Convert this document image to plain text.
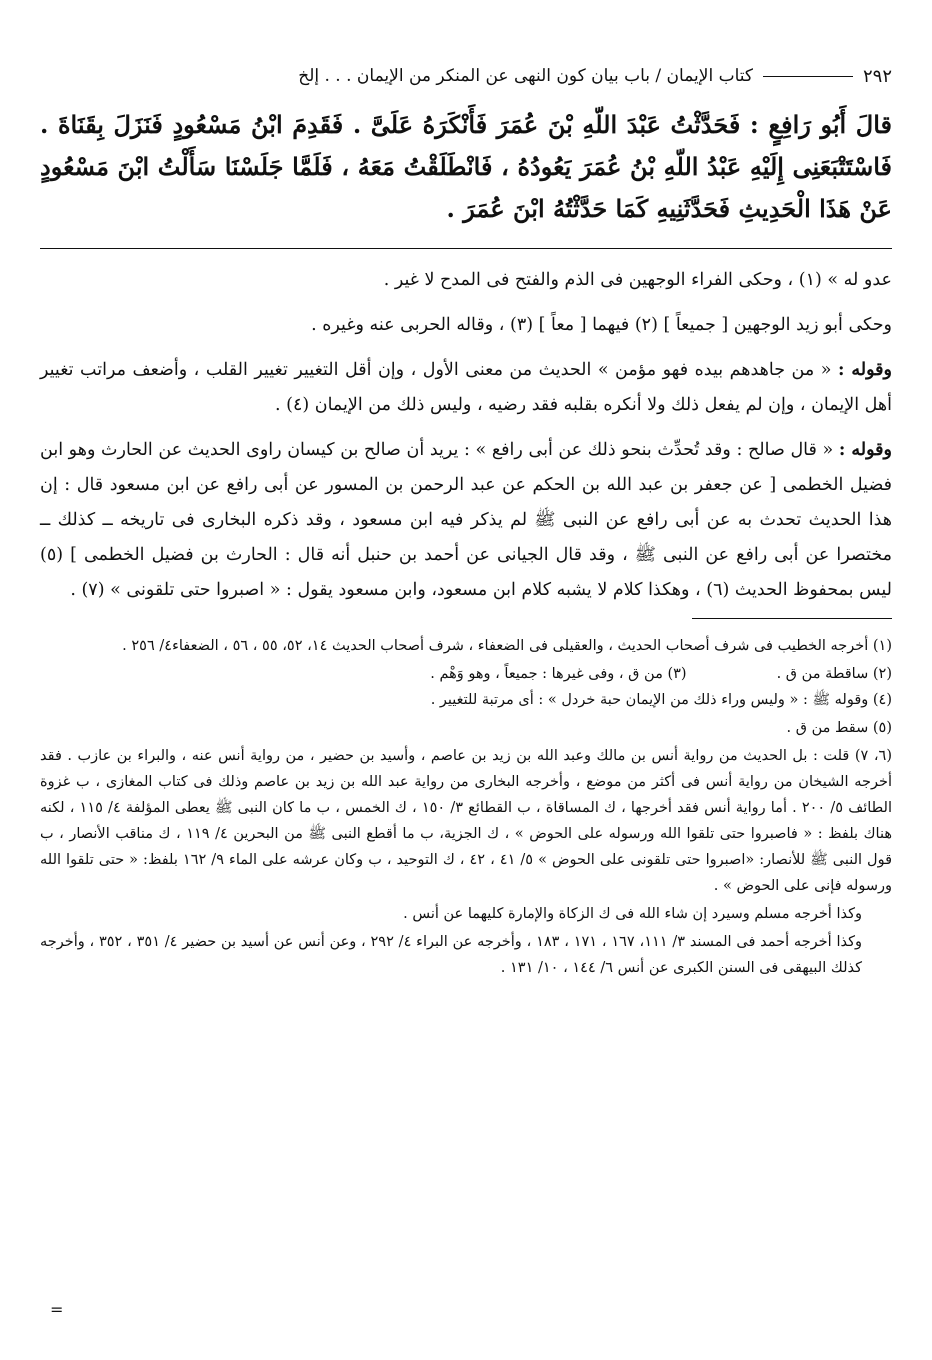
٢٩٢
كتاب الإيمان / باب بيان كون النهى عن المنكر من الإيمان . . . إلخ

قالَ أَبُو رَافِعٍ : فَحَدَّثْتُ عَبْدَ اللّهِ بْنَ عُمَرَ فَأَنْكَرَهُ عَلَىَّ . فَقَدِمَ ابْنُ مَسْعُودٍ فَنَزَلَ بِقَنَاةَ . فَاسْتَتْبَعَنِى إِلَيْهِ عَبْدُ اللّهِ بْنُ عُمَرَ يَعُودُهُ ، فَانْطَلَقْتُ مَعَهُ ، فَلَمَّا جَلَسْنَا سَأَلْتُ ابْنَ مَسْعُودٍ عَنْ هَذَا الْحَدِيثِ فَحَدَّثَنِيهِ كَمَا حَدَّثْتُهُ ابْنَ عُمَرَ .

عدو له » (١) ، وحكى الفراء الوجهين فى الذم والفتح فى المدح لا غير .

وحكى أبو زيد الوجهين [ جميعاً ] (٢) فيهما [ معاً ] (٣) ، وقاله الحربى عنه وغيره .

وقوله : « من جاهدهم بيده فهو مؤمن » الحديث من معنى الأول ، وإن أقل التغيير تغيير القلب ، وأضعف مراتب تغيير أهل الإيمان ، وإن لم يفعل ذلك ولا أنكره بقلبه فقد رضيه ، وليس ذلك من الإيمان (٤) .

وقوله : « قال صالح : وقد تُحدِّث بنحو ذلك عن أبى رافع » : يريد أن صالح بن كيسان راوى الحديث عن الحارث وهو ابن فضيل الخطمى [ عن جعفر بن عبد الله بن الحكم عن عبد الرحمن بن المسور عن أبى رافع عن ابن مسعود قال : إن هذا الحديث تحدث به عن أبى رافع عن النبى ﷺ لم يذكر فيه ابن مسعود ، وقد ذكره البخارى فى تاريخه ــ كذلك ــ مختصرا عن أبى رافع عن النبى ﷺ ، وقد قال الجيانى عن أحمد بن حنبل أنه قال : الحارث بن فضيل الخطمى ] (٥) ليس بمحفوظ الحديث (٦) ، وهكذا كلام لا يشبه كلام ابن مسعود، وابن مسعود يقول : « اصبروا حتى تلقونى » (٧) .

(١) أخرجه الخطيب فى شرف أصحاب الحديث ، والعقيلى فى الضعفاء ، شرف أصحاب الحديث ١٤، ٥٢، ٥٥ ، ٥٦ ، الضعفاء٤/ ٢٥٦ .

(٢) ساقطة من ق .
(٣) من ق ، وفى غيرها : جميعاً ، وهو وَهْم .

(٤) وقوله ﷺ : « وليس وراء ذلك من الإيمان حبة خردل » : أى مرتبة للتغيير .

(٥) سقط من ق .

(٦، ٧) قلت : بل الحديث من رواية أنس بن مالك وعبد الله بن زيد بن عاصم ، وأسيد بن حضير ، من رواية أنس عنه ، والبراء بن عازب . فقد أخرجه الشيخان من رواية أنس فى أكثر من موضع ، وأخرجه البخارى من رواية عبد الله بن زيد بن عاصم وذلك فى كتاب المغازى ، ب غزوة الطائف ٥/ ٢٠٠ . أما رواية أنس فقد أخرجها ، ك المساقاة ، ب القطائع ٣/ ١٥٠ ، ك الخمس ، ب ما كان النبى ﷺ يعطى المؤلفة ٤/ ١١٥ ، لكنه هناك بلفظ : « فاصبروا حتى تلقوا الله ورسوله على الحوض » ، ك الجزية، ب ما أقطع النبى ﷺ من البحرين ٤/ ١١٩ ، ك مناقب الأنصار ، ب قول النبى ﷺ للأنصار: «اصبروا حتى تلقونى على الحوض » ٥/ ٤١ ، ٤٢ ، ك التوحيد ، ب وكان عرشه على الماء ٩/ ١٦٢ بلفظ: « حتى تلقوا الله ورسوله فإنى على الحوض » .

وكذا أخرجه مسلم وسيرد إن شاء الله فى ك الزكاة والإمارة كليهما عن أنس .

وكذا أخرجه أحمد فى المسند ٣/ ١١١، ١٦٧ ، ١٧١ ، ١٨٣ ، وأخرجه عن البراء ٤/ ٢٩٢ ، وعن أنس عن أسيد بن حضير ٤/ ٣٥١ ، ٣٥٢ ، وأخرجه كذلك البيهقى فى السنن الكبرى عن أنس ٦/ ١٤٤ ، ١٠/ ١٣١ .

=
